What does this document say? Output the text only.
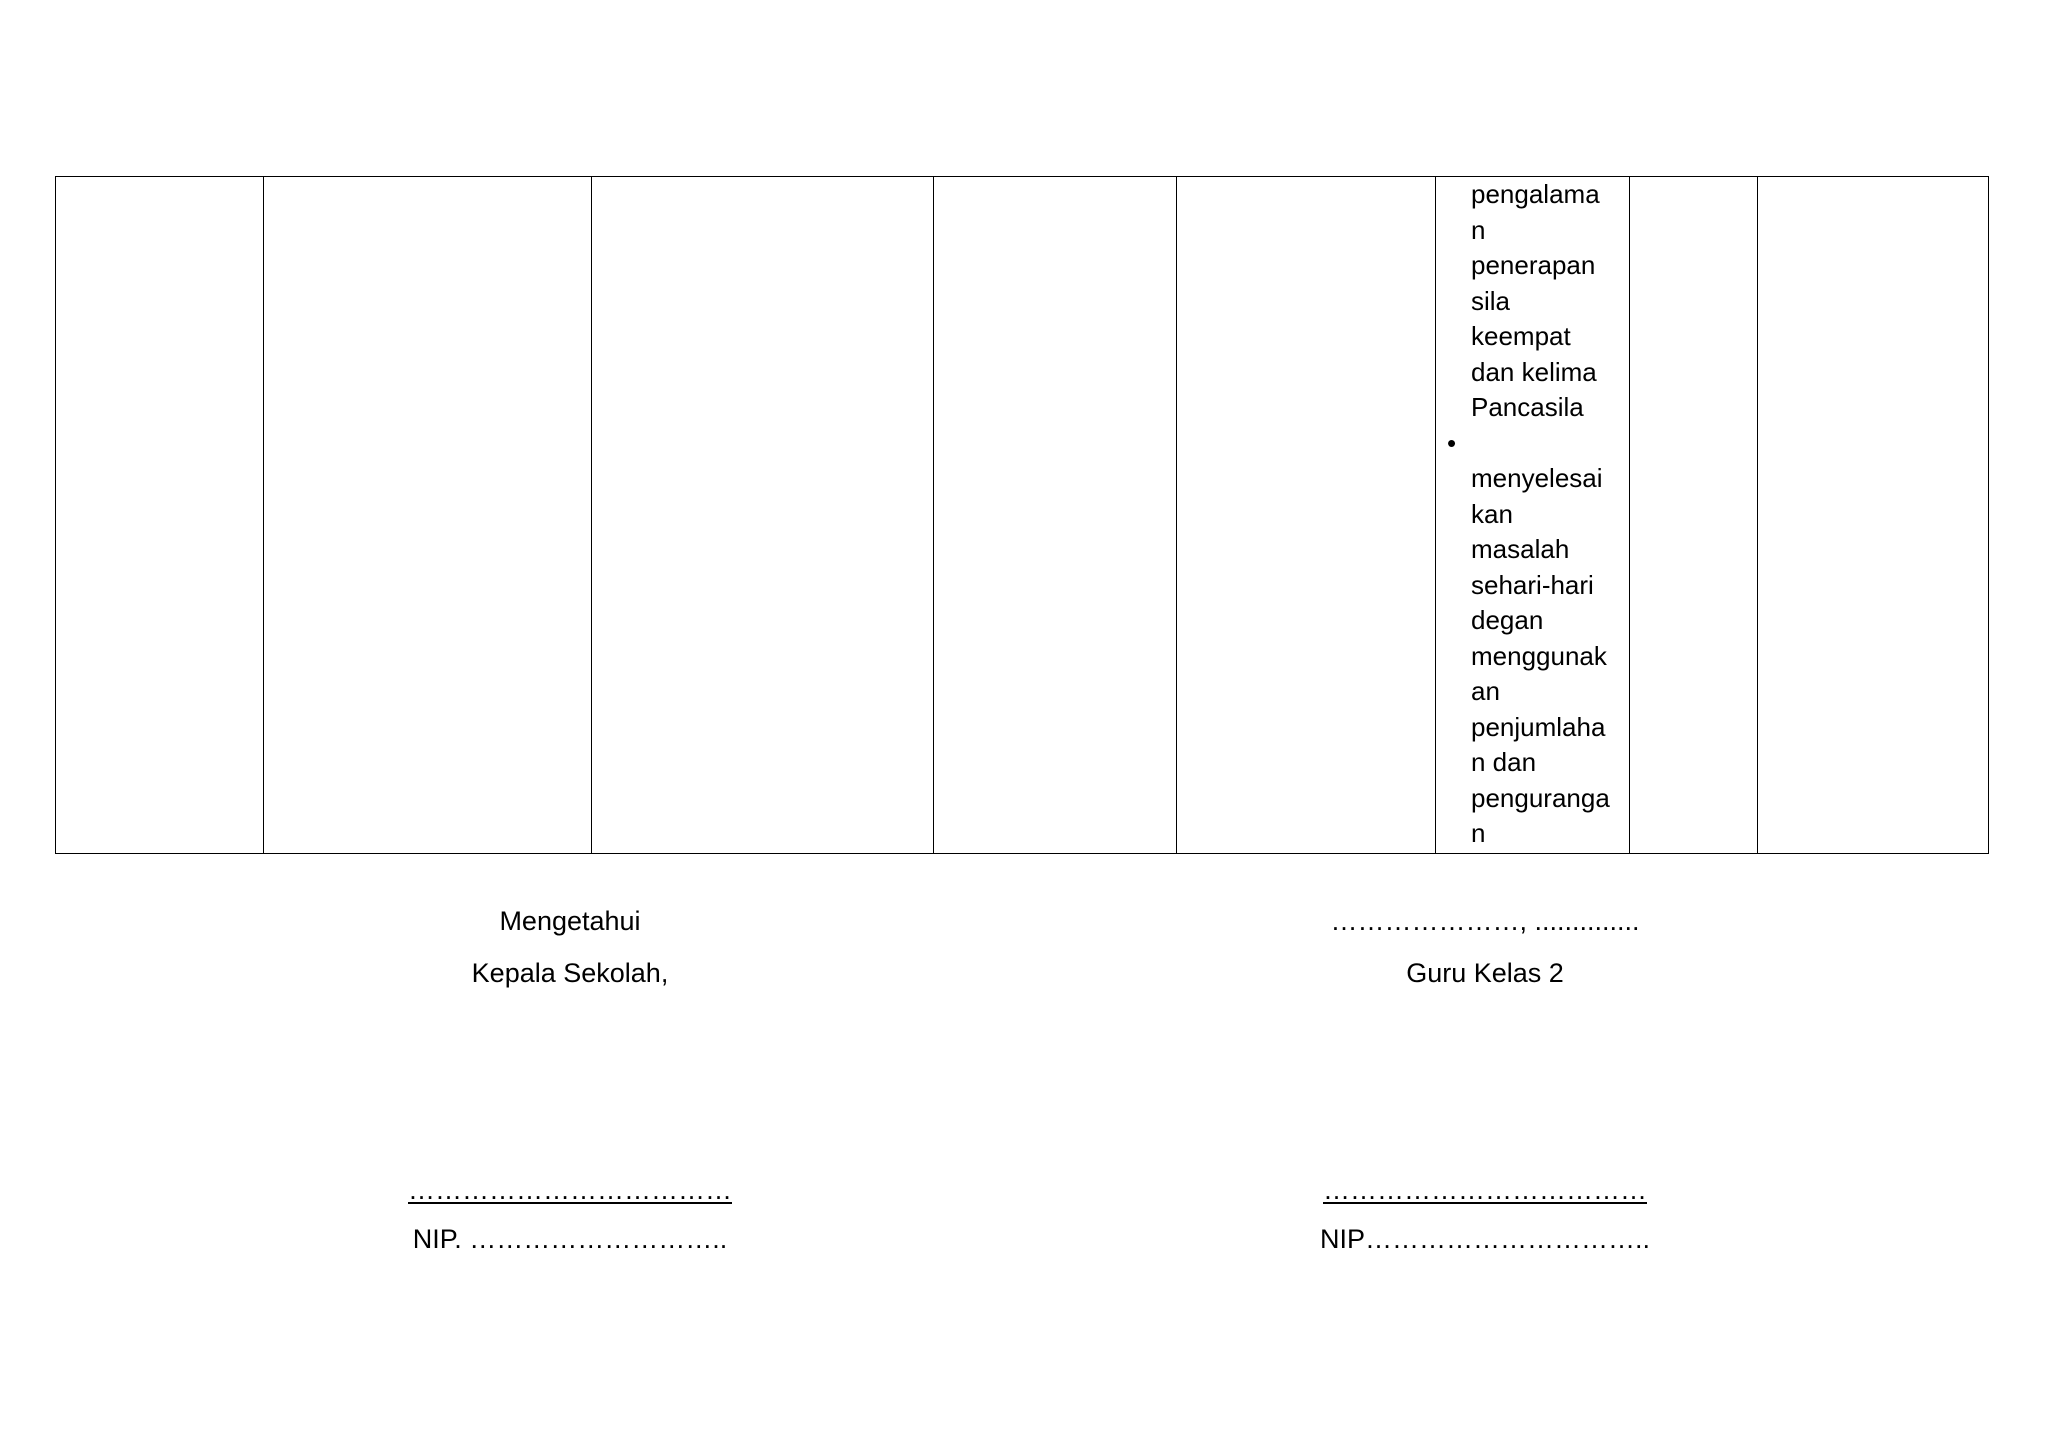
pengalama
n
penerapan
sila
keempat
dan kelima
Pancasila
•
menyelesai
kan
masalah
sehari-hari
degan
menggunak
an
penjumlaha
n dan
penguranga
n

Mengetahui
Kepala Sekolah,
………………………………
NIP. ………………………..
…………………, ..............
Guru Kelas 2
………………………………
NIP…………………………..
